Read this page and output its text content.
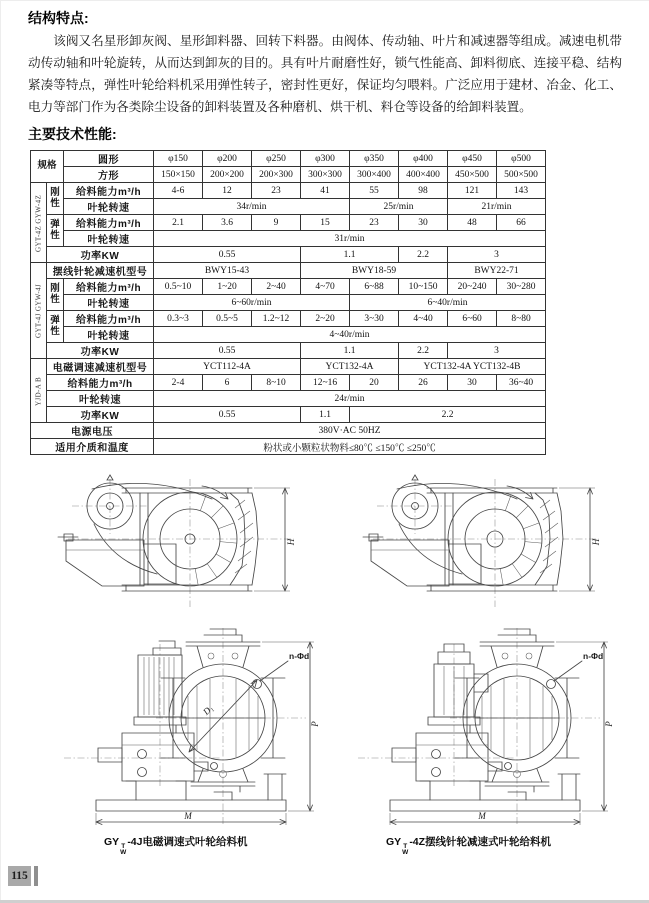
结构特点:

该阀又名星形卸灰阀、星形卸料器、回转下料器。由阀体、传动轴、叶片和减速器等组成。减速电机带动传动轴和叶轮旋转，从而达到卸灰的目的。具有叶片耐磨性好，锁气性能高、卸料彻底、连接平稳、结构紧凑等特点，弹性叶轮给料机采用弹性转子，密封性更好，保证均匀喂料。广泛应用于建材、冶金、化工、电力等部门作为各类除尘设备的卸料装置及各种磨机、烘干机、料仓等设备的给卸料装置。

主要技术性能:
规格		圆形	φ150	φ200	φ250	φ300	φ350	φ400	φ450	φ500
		方形	150×150	200×200	200×300	300×300	300×400	400×400	450×500	500×500
GYT-4Z GYW-4Z	刚性	给料能力m³/h	4-6	12	23	41	55	98	121	143
		叶轮转速	34r/min				25r/min		21r/min	
	弹性	给料能力m³/h	2.1	3.6	9	15	23	30	48	66
		叶轮转速	31r/min							
	功率KW		0.55			1.1		2.2	3	
GYT-4J GYW-4J	摆线针轮减速机型号		BWY15-43			BWY18-59			BWY22-71	
	刚性	给料能力m³/h	0.5~10	1~20	2~40	4~70	6~88	10~150	20~240	30~280
		叶轮转速	6~60r/min				6~40r/min			
	弹性	给料能力m³/h	0.3~3	0.5~5	1.2~12	2~20	3~30	4~40	6~60	8~80
		叶轮转速	4~40r/min							
	功率KW		0.55			1.1		2.2	3	
YJD-A B	电磁调速减速机型号		YCT112-4A			YCT132-4A		YCT132-4A YCT132-4B		
	给料能力m³/h		2-4	6	8~10	12~16	20	26	30	36~40
	叶轮转速		24r/min							
	功率KW		0.55			1.1	2.2			
电源电压			380V·AC 50HZ							
适用介质和温度			粉状或小颗粒状物料≤80℃ ≤150℃ ≤250℃							
H	H
n-Φd
D₁
M
P
n-Φd
M
P
GY T
W
-4J电磁调速式叶轮给料机	GY T
W
-4Z摆线针轮减速式叶轮给料机
115
